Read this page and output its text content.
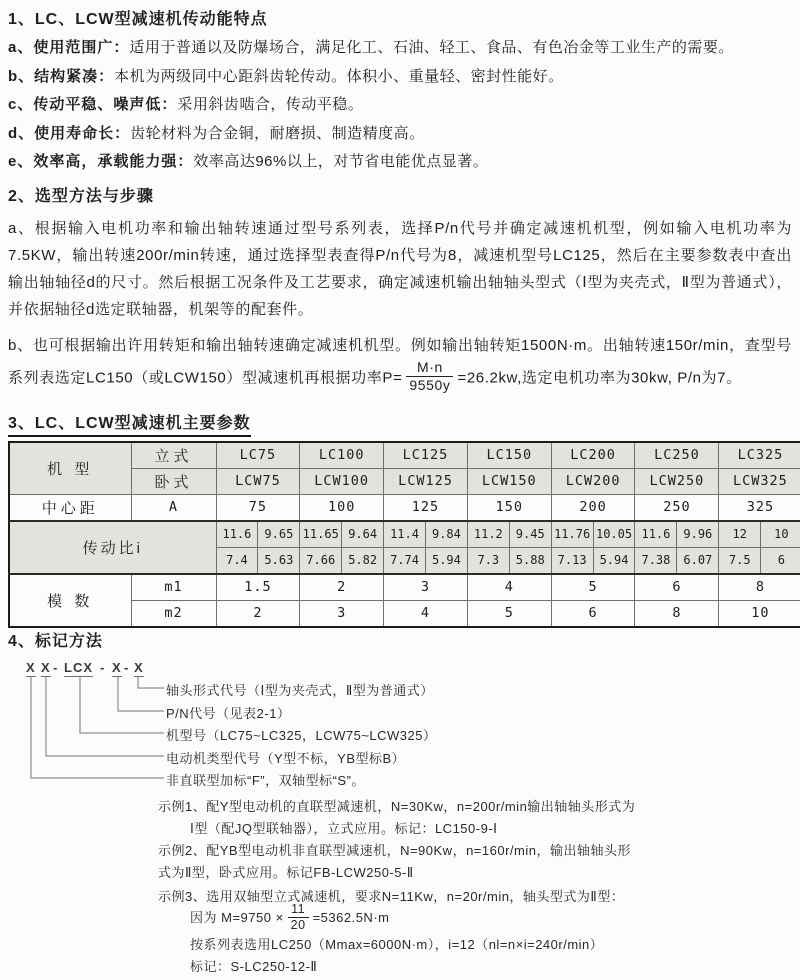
1、LC、LCW型减速机传动能特点

a、使用范围广：适用于普通以及防爆场合，满足化工、石油、轻工、食品、有色冶金等工业生产的需要。

b、结构紧凑：本机为两级同中心距斜齿轮传动。体积小、重量轻、密封性能好。

c、传动平稳、噪声低：采用斜齿啮合，传动平稳。

d、使用寿命长：齿轮材料为合金铜，耐磨损、制造精度高。

e、效率高，承载能力强：效率高达96%以上，对节省电能优点显著。

2、选型方法与步骤

a、根据输入电机功率和输出轴转速通过型号系列表，选择P/n代号并确定减速机机型，例如输入电机功率为7.5KW，输出转速200r/min转速，通过选择型表查得P/n代号为8，减速机型号LC125，然后在主要参数表中查出输出轴轴径d的尺寸。然后根据工况条件及工艺要求，确定减速机输出轴轴头型式（Ⅰ型为夹壳式，Ⅱ型为普通式），并依据轴径d选定联轴器，机架等的配套件。

b、也可根据输出许用转矩和输出轴转速确定减速机机型。例如输出轴转矩1500N·m。出轴转速150r/min，查型号系列表选定LC150（或LCW150）型减速机再根据功率$P= \frac{M\cdot n}{9550y} =26.2kw$,选定电机功率为30kw, P/n为7。

3、LC、LCW型减速机主要参数
机 型	立式	LC75		LC100		LC125		LC150		LC200		LC250		LC325	
	卧式	LCW75		LCW100		LCW125		LCW150		LCW200		LCW250		LCW325	
中心距	A	75		100		125		150		200		250		325	
传动比i		11.6	9.65	11.65	9.64	11.4	9.84	11.2	9.45	11.76	10.05	11.6	9.96	12	10
		7.4	5.63	7.66	5.82	7.74	5.94	7.3	5.88	7.13	5.94	7.38	6.07	7.5	6
模 数	m1	1.5		2		3		4		5		6		8	
	m2	2		3		4		5		6		8		10	
4、标记方法
X X - LCX - X - X
轴头形式代号（Ⅰ型为夹壳式，Ⅱ型为普通式）
P/N代号（见表2-1）
机型号（LC75~LC325，LCW75~LCW325）
电动机类型代号（Y型不标，YB型标B）
非直联型加标“F”，双轴型标“S”。
示例1、配Y型电动机的直联型减速机，N=30Kw，n=200r/min输出轴轴头形式为
Ⅰ型（配JQ型联轴器），立式应用。标记：LC150-9-Ⅰ
示例2、配YB型电动机非直联型减速机，N=90Kw，n=160r/min，输出轴轴头形
式为Ⅱ型，卧式应用。标记FB-LCW250-5-Ⅱ
示例3、选用双轴型立式减速机，要求N=11Kw，n=20r/min，轴头型式为Ⅱ型：
因为 $M=9750 \times \frac{11}{20} =5362.5N\cdot m$
按系列表选用LC250（Mmax=6000N·m），i=12（nl=n×i=240r/min）
标记：S-LC250-12-Ⅱ
